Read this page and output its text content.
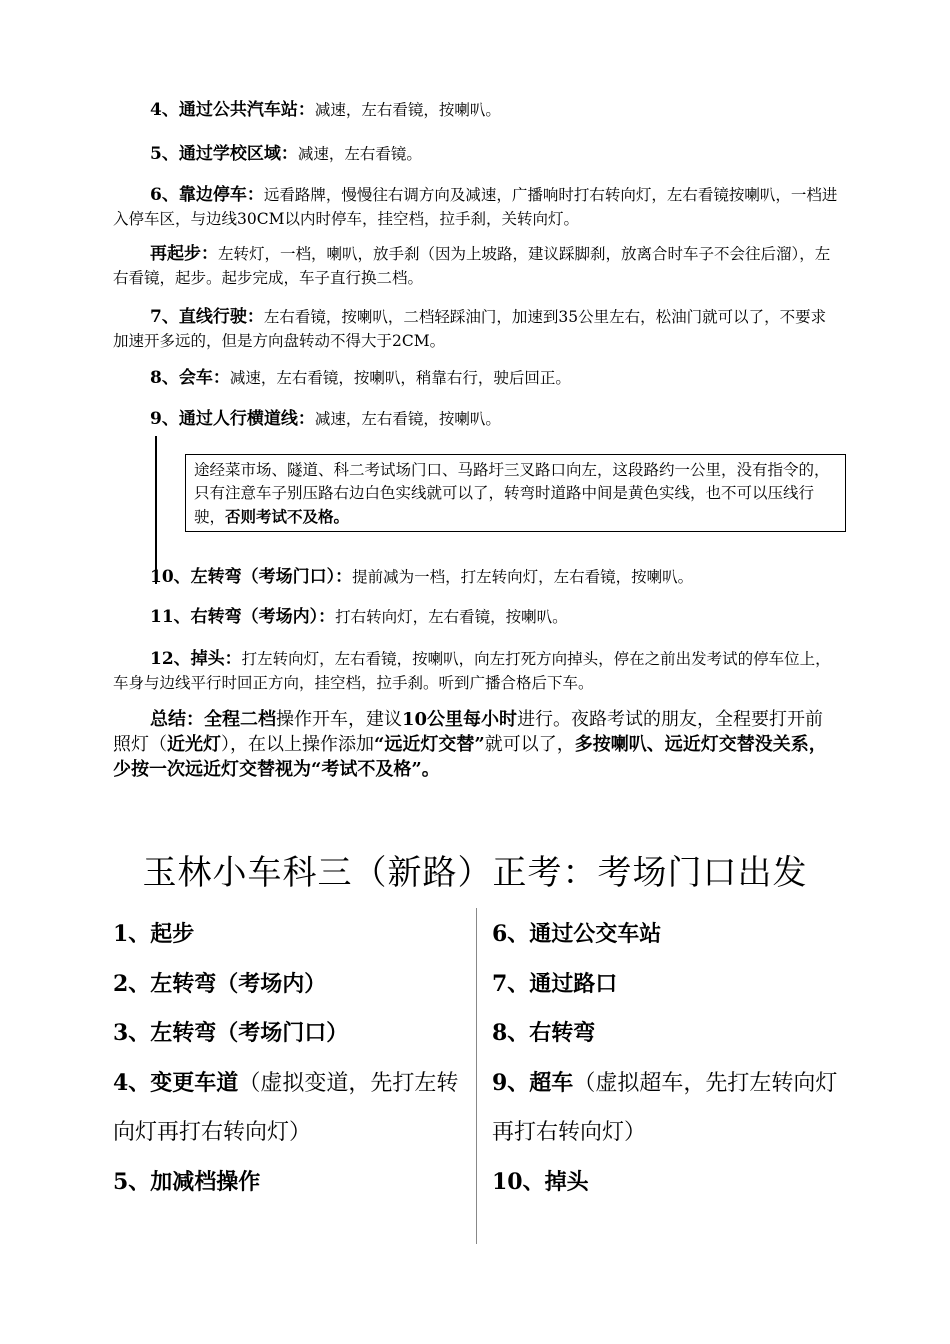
4、通过公共汽车站：减速，左右看镜，按喇叭。

5、通过学校区域：减速，左右看镜。

6、靠边停车：远看路牌，慢慢往右调方向及减速，广播响时打右转向灯，左右看镜按喇叭，一档进入停车区，与边线30CM以内时停车，挂空档，拉手刹，关转向灯。

再起步：左转灯，一档，喇叭，放手刹（因为上坡路，建议踩脚刹，放离合时车子不会往后溜），左右看镜，起步。起步完成，车子直行换二档。

7、直线行驶：左右看镜，按喇叭，二档轻踩油门，加速到35公里左右，松油门就可以了，不要求加速开多远的，但是方向盘转动不得大于2CM。

8、会车：减速，左右看镜，按喇叭，稍靠右行，驶后回正。

9、通过人行横道线：减速，左右看镜，按喇叭。

途经菜市场、隧道、科二考试场门口、马路圩三叉路口向左，这段路约一公里，没有指令的，只有注意车子别压路右边白色实线就可以了，转弯时道路中间是黄色实线，也不可以压线行驶，否则考试不及格。

10、左转弯（考场门口）：提前减为一档，打左转向灯，左右看镜，按喇叭。

11、右转弯（考场内）：打右转向灯，左右看镜，按喇叭。

12、掉头：打左转向灯，左右看镜，按喇叭，向左打死方向掉头，停在之前出发考试的停车位上，车身与边线平行时回正方向，挂空档，拉手刹。听到广播合格后下车。

总结：全程二档操作开车，建议10公里每小时进行。夜路考试的朋友，全程要打开前照灯（近光灯），在以上操作添加“远近灯交替”就可以了，多按喇叭、远近灯交替没关系，少按一次远近灯交替视为“考试不及格”。

玉林小车科三（新路）正考：考场门口出发

1、起步

2、左转弯（考场内）

3、左转弯（考场门口）

4、变更车道（虚拟变道，先打左转向灯再打右转向灯）

5、加减档操作

6、通过公交车站

7、通过路口

8、右转弯

9、超车（虚拟超车，先打左转向灯再打右转向灯）

10、掉头
